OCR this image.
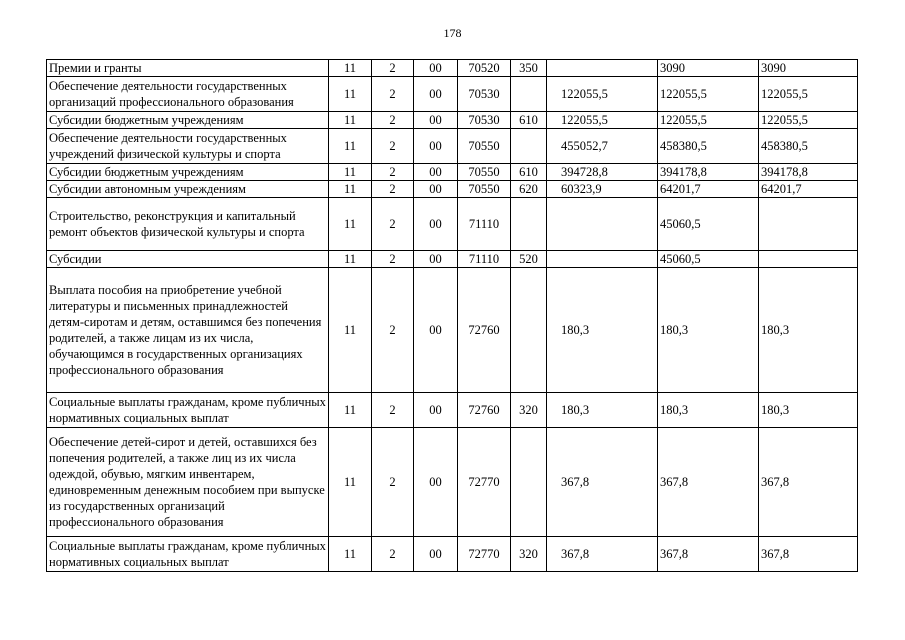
178
Премии и гранты	11	2	00	70520	350		3090	3090
Обеспечение деятельности государственных организаций профессионального образования	11	2	00	70530		122055,5	122055,5	122055,5
Субсидии бюджетным учреждениям	11	2	00	70530	610	122055,5	122055,5	122055,5
Обеспечение деятельности государственных учреждений физической культуры и спорта	11	2	00	70550		455052,7	458380,5	458380,5
Субсидии бюджетным учреждениям	11	2	00	70550	610	394728,8	394178,8	394178,8
Субсидии автономным учреждениям	11	2	00	70550	620	60323,9	64201,7	64201,7
Строительство, реконструкция и капитальный ремонт объектов физической культуры и спорта	11	2	00	71110			45060,5	
Субсидии	11	2	00	71110	520		45060,5	
Выплата пособия на приобретение учебной литературы и письменных принадлежностей детям-сиротам и детям, оставшимся без попечения родителей, а также лицам из их числа, обучающимся в государственных организациях профессионального образования	11	2	00	72760		180,3	180,3	180,3
Социальные выплаты гражданам, кроме публичных нормативных социальных выплат	11	2	00	72760	320	180,3	180,3	180,3
Обеспечение детей-сирот и детей, оставшихся без попечения родителей, а также лиц из их числа одеждой, обувью, мягким инвентарем, единовременным денежным пособием при выпуске из государственных организаций профессионального образования	11	2	00	72770		367,8	367,8	367,8
Социальные выплаты гражданам, кроме публичных нормативных социальных выплат	11	2	00	72770	320	367,8	367,8	367,8
